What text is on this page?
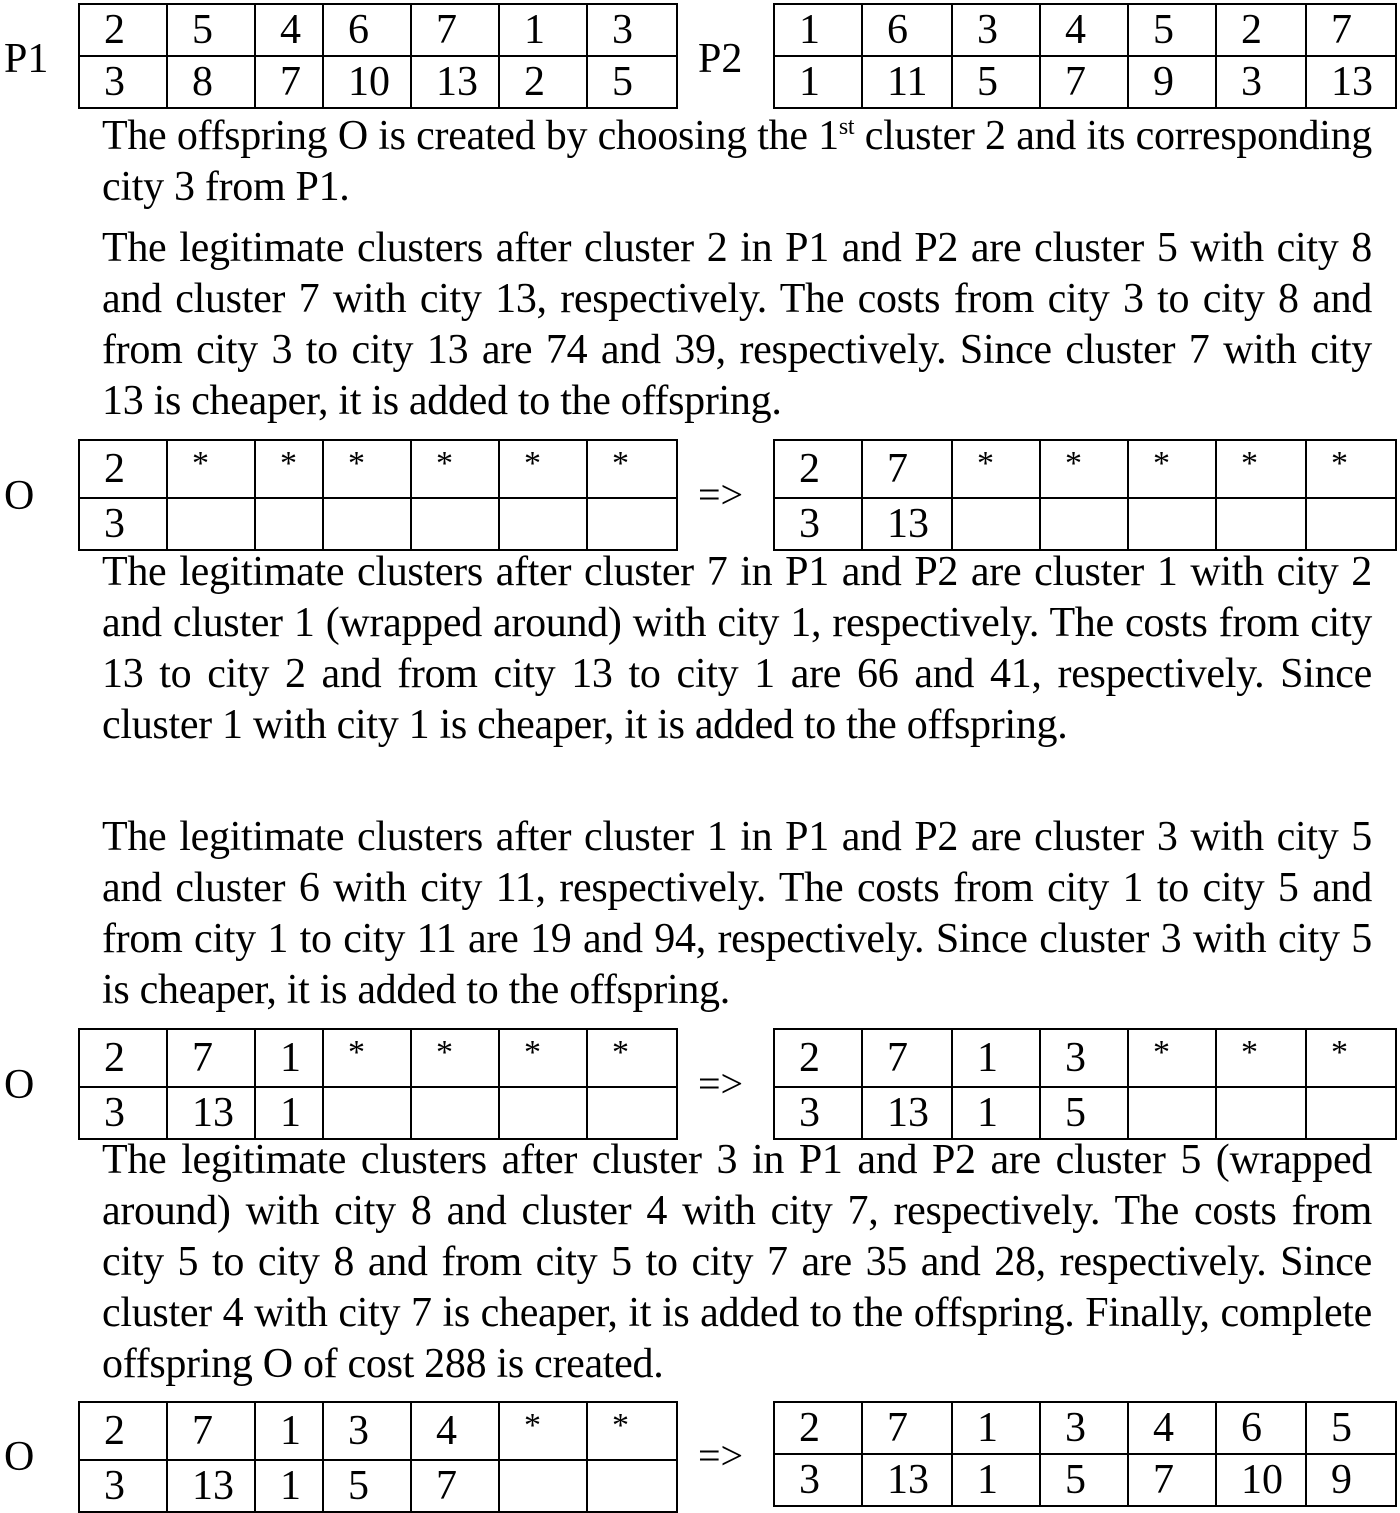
P1
2	5	4	6	7	1	3
3	8	7	10	13	2	5 P2
1	6	3	4	5	2	7
1	11	5	7	9	3	13

The offspring O is created by choosing the 1st cluster 2 and its corresponding city 3 from P1.

The legitimate clusters after cluster 2 in P1 and P2 are cluster 5 with city 8 and cluster 7 with city 13, respectively. The costs from city 3 to city 8 and from city 3 to city 13 are 74 and 39, respectively. Since cluster 7 with city 13 is cheaper, it is added to the offspring.

O
2	*	*	*	*	*	*
3						
=>
2	7	*	*	*	*	*
3	13					

The legitimate clusters after cluster 7 in P1 and P2 are cluster 1 with city 2 and cluster 1 (wrapped around) with city 1, respectively. The costs from city 13 to city 2 and from city 13 to city 1 are 66 and 41, respectively. Since cluster 1 with city 1 is cheaper, it is added to the offspring.

The legitimate clusters after cluster 1 in P1 and P2 are cluster 3 with city 5 and cluster 6 with city 11, respectively. The costs from city 1 to city 5 and from city 1 to city 11 are 19 and 94, respectively. Since cluster 3 with city 5 is cheaper, it is added to the offspring.

O
2	7	1	*	*	*	*
3	13	1				
=>
2	7	1	3	*	*	*
3	13	1	5			

The legitimate clusters after cluster 3 in P1 and P2 are cluster 5 (wrapped around) with city 8 and cluster 4 with city 7, respectively. The costs from city 5 to city 8 and from city 5 to city 7 are 35 and 28, respectively. Since cluster 4 with city 7 is cheaper, it is added to the offspring. Finally, complete offspring O of cost 288 is created.

O
2	7	1	3	4	*	*
3	13	1	5	7		
=>
2	7	1	3	4	6	5
3	13	1	5	7	10	9
